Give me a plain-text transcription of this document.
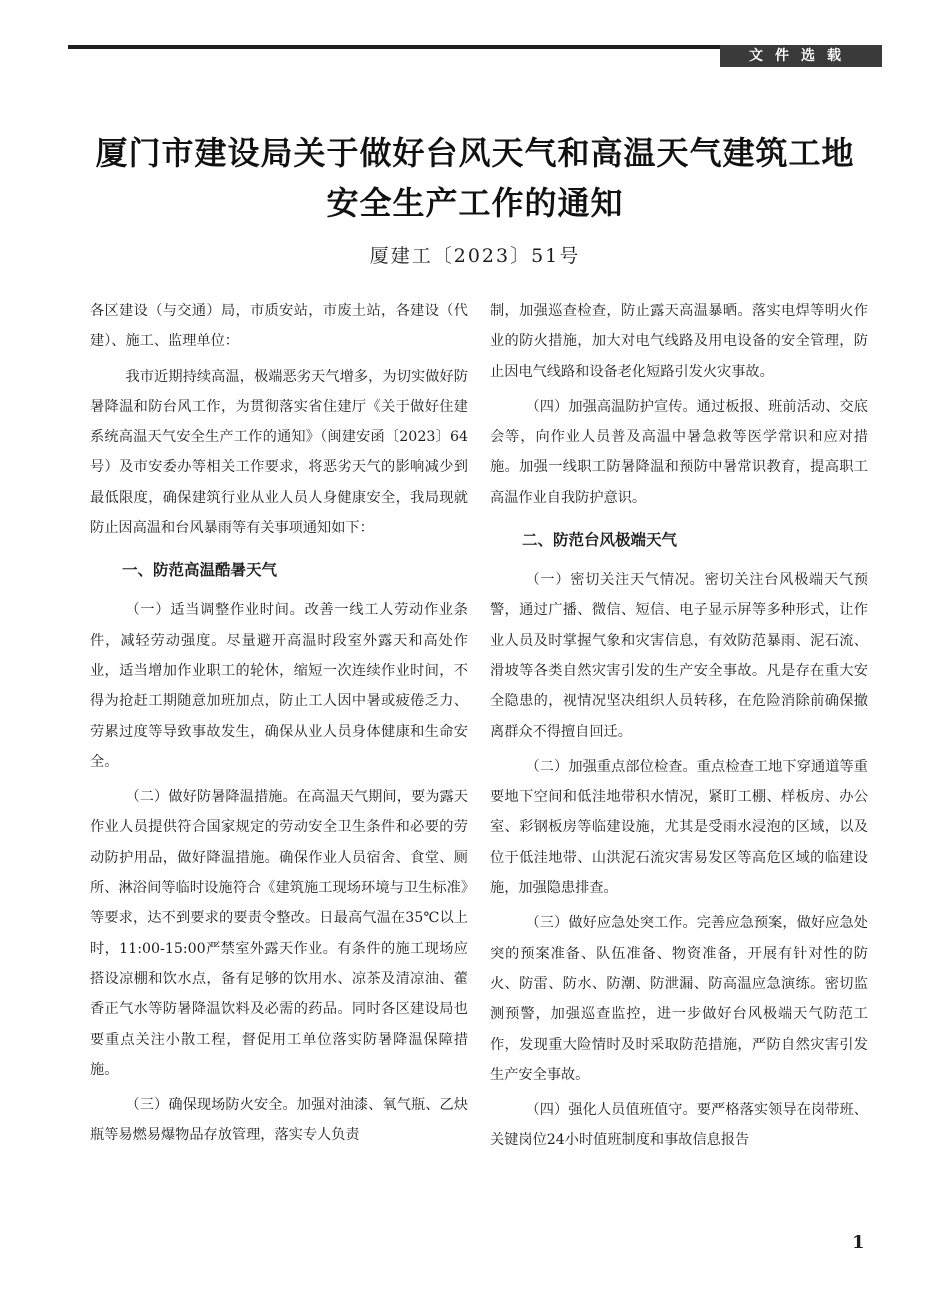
文件选载
厦门市建设局关于做好台风天气和高温天气建筑工地
安全生产工作的通知
厦建工〔2023〕51号

各区建设（与交通）局，市质安站，市废土站，各建设（代建）、施工、监理单位：

我市近期持续高温，极端恶劣天气增多，为切实做好防暑降温和防台风工作，为贯彻落实省住建厅《关于做好住建系统高温天气安全生产工作的通知》（闽建安函〔2023〕64号）及市安委办等相关工作要求，将恶劣天气的影响减少到最低限度，确保建筑行业从业人员人身健康安全，我局现就防止因高温和台风暴雨等有关事项通知如下：

一、防范高温酷暑天气

（一）适当调整作业时间。改善一线工人劳动作业条件，减轻劳动强度。尽量避开高温时段室外露天和高处作业，适当增加作业职工的轮休，缩短一次连续作业时间，不得为抢赶工期随意加班加点，防止工人因中暑或疲倦乏力、劳累过度等导致事故发生，确保从业人员身体健康和生命安全。

（二）做好防暑降温措施。在高温天气期间，要为露天作业人员提供符合国家规定的劳动安全卫生条件和必要的劳动防护用品，做好降温措施。确保作业人员宿舍、食堂、厕所、淋浴间等临时设施符合《建筑施工现场环境与卫生标准》等要求，达不到要求的要责令整改。日最高气温在35℃以上时，11:00-15:00严禁室外露天作业。有条件的施工现场应搭设凉棚和饮水点，备有足够的饮用水、凉茶及清凉油、藿香正气水等防暑降温饮料及必需的药品。同时各区建设局也要重点关注小散工程，督促用工单位落实防暑降温保障措施。

（三）确保现场防火安全。加强对油漆、氧气瓶、乙炔瓶等易燃易爆物品存放管理，落实专人负责

制，加强巡查检查，防止露天高温暴晒。落实电焊等明火作业的防火措施，加大对电气线路及用电设备的安全管理，防止因电气线路和设备老化短路引发火灾事故。

（四）加强高温防护宣传。通过板报、班前活动、交底会等，向作业人员普及高温中暑急救等医学常识和应对措施。加强一线职工防暑降温和预防中暑常识教育，提高职工高温作业自我防护意识。

二、防范台风极端天气

（一）密切关注天气情况。密切关注台风极端天气预警，通过广播、微信、短信、电子显示屏等多种形式，让作业人员及时掌握气象和灾害信息，有效防范暴雨、泥石流、滑坡等各类自然灾害引发的生产安全事故。凡是存在重大安全隐患的，视情况坚决组织人员转移，在危险消除前确保撤离群众不得擅自回迁。

（二）加强重点部位检查。重点检查工地下穿通道等重要地下空间和低洼地带积水情况，紧盯工棚、样板房、办公室、彩钢板房等临建设施，尤其是受雨水浸泡的区域，以及位于低洼地带、山洪泥石流灾害易发区等高危区域的临建设施，加强隐患排查。

（三）做好应急处突工作。完善应急预案，做好应急处突的预案准备、队伍准备、物资准备，开展有针对性的防火、防雷、防水、防潮、防泄漏、防高温应急演练。密切监测预警，加强巡查监控，进一步做好台风极端天气防范工作，发现重大险情时及时采取防范措施，严防自然灾害引发生产安全事故。

（四）强化人员值班值守。要严格落实领导在岗带班、关键岗位24小时值班制度和事故信息报告

1
